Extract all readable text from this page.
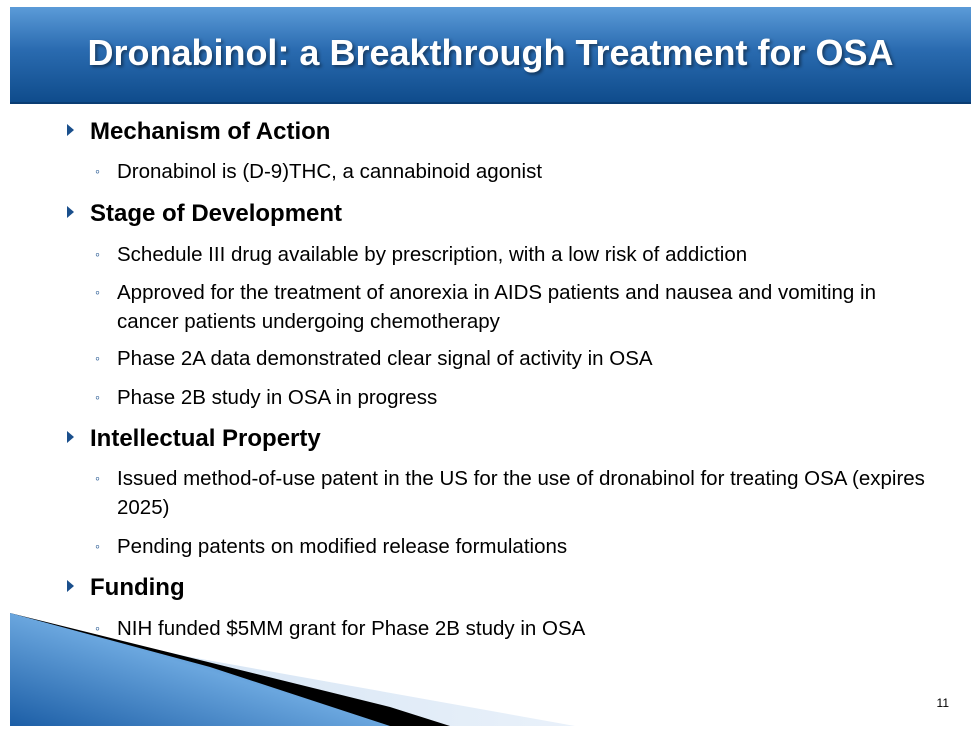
Dronabinol: a Breakthrough Treatment for OSA
Mechanism of Action
◦ Dronabinol is (D-9)THC, a cannabinoid agonist
Stage of Development
◦ Schedule III drug available by prescription, with a low risk of addiction
◦ Approved for the treatment of anorexia in AIDS patients and nausea and vomiting in cancer patients undergoing chemotherapy
◦ Phase 2A data demonstrated clear signal of activity in OSA
◦ Phase 2B study in OSA in progress
Intellectual Property
◦ Issued method-of-use patent in the US for the use of dronabinol for treating OSA (expires 2025)
◦ Pending patents on modified release formulations
Funding
◦ NIH funded $5MM grant for Phase 2B study in OSA
11
